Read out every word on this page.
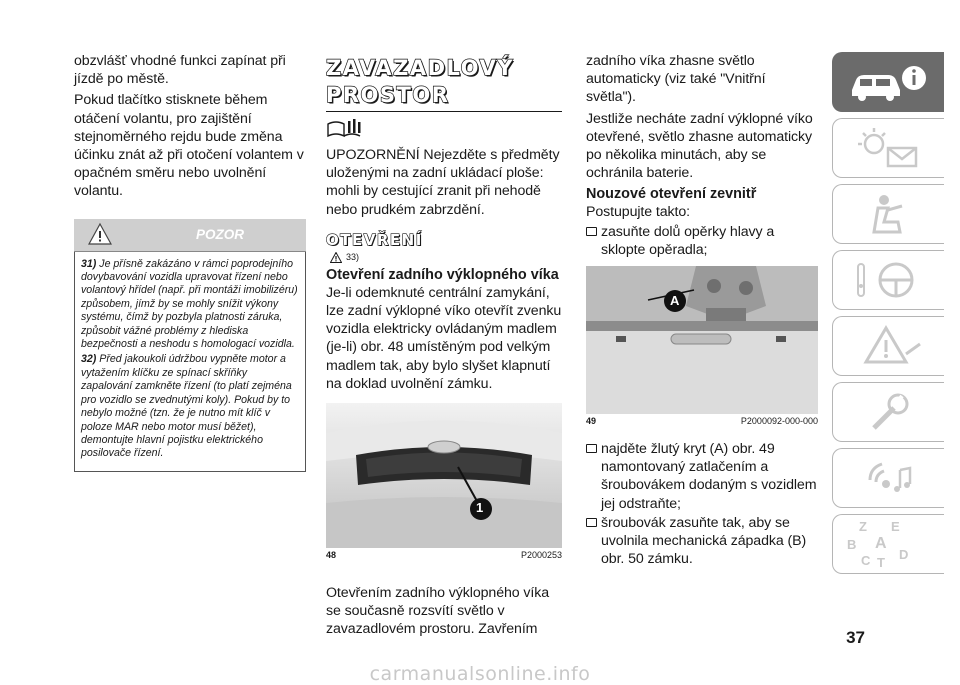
obzvlášť vhodné funkci zapínat při jízdě po městě.

Pokud tlačítko stisknete během otáčení volantu, pro zajištění stejnoměrného rejdu bude změna účinku znát až při otočení volantem v opačném směru nebo uvolnění volantu.

POZOR

31) Je přísně zakázáno v rámci poprodejního dovybavování vozidla upravovat řízení nebo volantový hřídel (např. při montáži imobilizéru) způsobem, jímž by se mohly snížit výkony systému, čímž by pozbyla platnosti záruka, způsobit vážné problémy z hlediska bezpečnosti a neshodu s homologací vozidla.

32) Před jakoukoli údržbou vypněte motor a vytažením klíčku ze spínací skříňky zapalování zamkněte řízení (to platí zejména pro vozidlo se zvednutými koly). Pokud by to nebylo možné (tzn. že je nutno mít klíč v poloze MAR nebo motor musí běžet), demontujte hlavní pojistku elektrického posilovače řízení.

ZAVAZADLOVÝ
PROSTOR

UPOZORNĚNÍ Nejezděte s předměty uloženými na zadní ukládací ploše: mohli by cestující zranit při nehodě nebo prudkém zabrzdění.

OTEVŘENÍ
33)
Otevření zadního výklopného víka

Je-li odemknuté centrální zamykání, lze zadní výklopné víko otevřít zvenku vozidla elektricky ovládaným madlem (je-li) obr. 48 umístěným pod velkým madlem tak, aby bylo slyšet klapnutí na doklad uvolnění zámku.

1
48	P2000253

Otevřením zadního výklopného víka se současně rozsvítí světlo v zavazadlovém prostoru. Zavřením

zadního víka zhasne světlo automaticky (viz také "Vnitřní světla").

Jestliže necháte zadní výklopné víko otevřené, světlo zhasne automaticky po několika minutách, aby se ochránila baterie.

Nouzové otevření zevnitř

Postupujte takto:

zasuňte dolů opěrky hlavy a sklopte opěradla;
A
49	P2000092-000-000
najděte žlutý kryt (A) obr. 49 namontovaný zatlačením a šroubovákem dodaným s vozidlem jej odstraňte;
šroubovák zasuňte tak, aby se uvolnila mechanická západka (B) obr. 50 zámku.
Z E
B A
C T
D
37
carmanualsonline.info
